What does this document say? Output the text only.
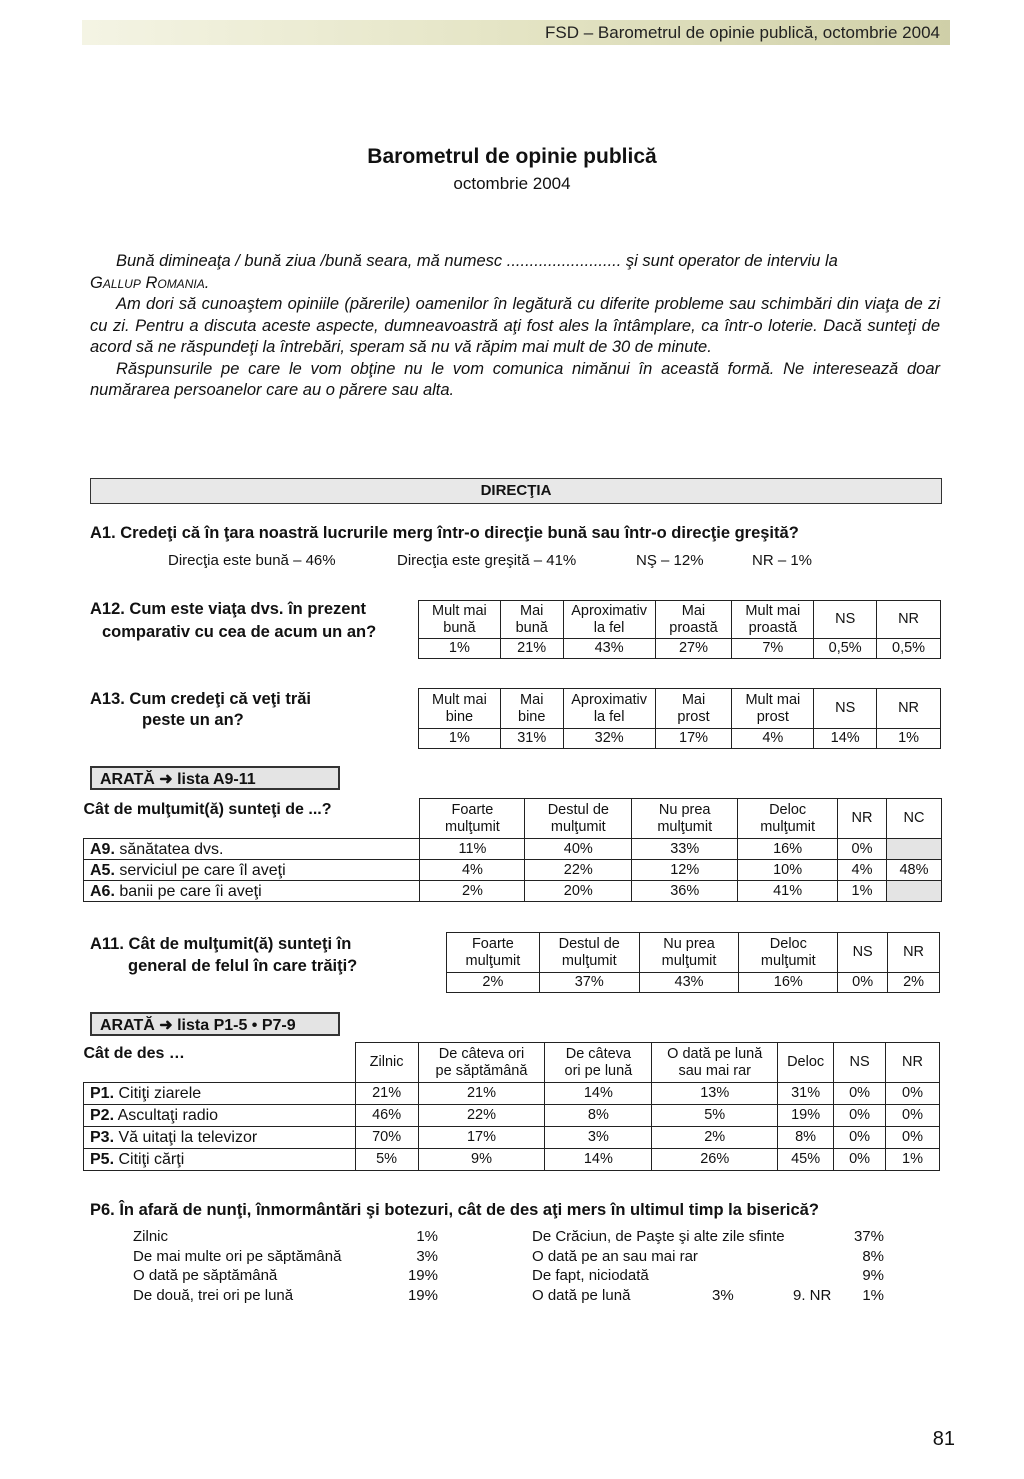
FSD – Barometrul de opinie publică, octombrie 2004
Barometrul de opinie publică
octombrie 2004

Bună dimineaţa / bună ziua /bună seara, mă numesc ......................... şi sunt operator de interviu la

Gallup Romania.

Am dori să cunoaştem opiniile (părerile) oamenilor în legătură cu diferite probleme sau schimbări din viaţa de zi cu zi. Pentru a discuta aceste aspecte, dumneavoastră aţi fost ales la întâmplare, ca într-o loterie. Dacă sunteţi de acord să ne răspundeţi la întrebări, speram să nu vă răpim mai mult de 30 de minute.

Răspunsurile pe care le vom obţine nu le vom comunica nimănui în această formă. Ne interesează doar numărarea persoanelor care au o părere sau alta.

DIRECŢIA
A1. Credeţi că în ţara noastră lucrurile merg într-o direcţie bună sau într-o direcţie greşită?
Direcţia este bună – 46%	Direcţia este greşită – 41%	NŞ – 12%	NR – 1%
A12. Cum este viaţa dvs. în prezent
comparativ cu cea de acum un an?
Mult mai
bună	Mai
bună	Aproximativ
la fel	Mai
proastă	Mult mai
proastă	NS	NR
1%	21%	43%	27%	7%	0,5%	0,5%
A13. Cum credeţi că veţi trăi
peste un an?
Mult mai
bine	Mai
bine	Aproximativ
la fel	Mai
prost	Mult mai
prost	NS	NR
1%	31%	32%	17%	4%	14%	1%
ARATĂ ➜ lista A9-11
Cât de mulţumit(ă) sunteţi de ...?	Foarte
mulţumit	Destul de
mulţumit	Nu prea
mulţumit	Deloc
mulţumit	NR	NC
A9. sănătatea dvs.	11%	40%	33%	16%	0%	
A5. serviciul pe care îl aveţi	4%	22%	12%	10%	4%	48%
A6. banii pe care îi aveţi	2%	20%	36%	41%	1%	
A11. Cât de mulţumit(ă) sunteţi în
general de felul în care trăiţi?
Foarte
mulţumit	Destul de
mulţumit	Nu prea
mulţumit	Deloc
mulţumit	NS	NR
2%	37%	43%	16%	0%	2%
ARATĂ ➜ lista P1-5 • P7-9
Cât de des …	Zilnic	De câteva ori
pe săptămână	De câteva
ori pe lună	O dată pe lună
sau mai rar	Deloc	NS	NR
P1. Citiţi ziarele	21%	21%	14%	13%	31%	0%	0%
P2. Ascultaţi radio	46%	22%	8%	5%	19%	0%	0%
P3. Vă uitaţi la televizor	70%	17%	3%	2%	8%	0%	0%
P5. Citiţi cărţi	5%	9%	14%	26%	45%	0%	1%
P6. În afară de nunţi, înmormântări şi botezuri, cât de des aţi mers în ultimul timp la biserică?
Zilnic	1%
De mai multe ori pe săptămână	3%
O dată pe săptămână	19%
De două, trei ori pe lună	19%
De Crăciun, de Paşte şi alte zile sfinte	37%
O dată pe an sau mai rar	8%
De fapt, niciodată	9%
O dată pe lună	3%	9. NR 1%
81
